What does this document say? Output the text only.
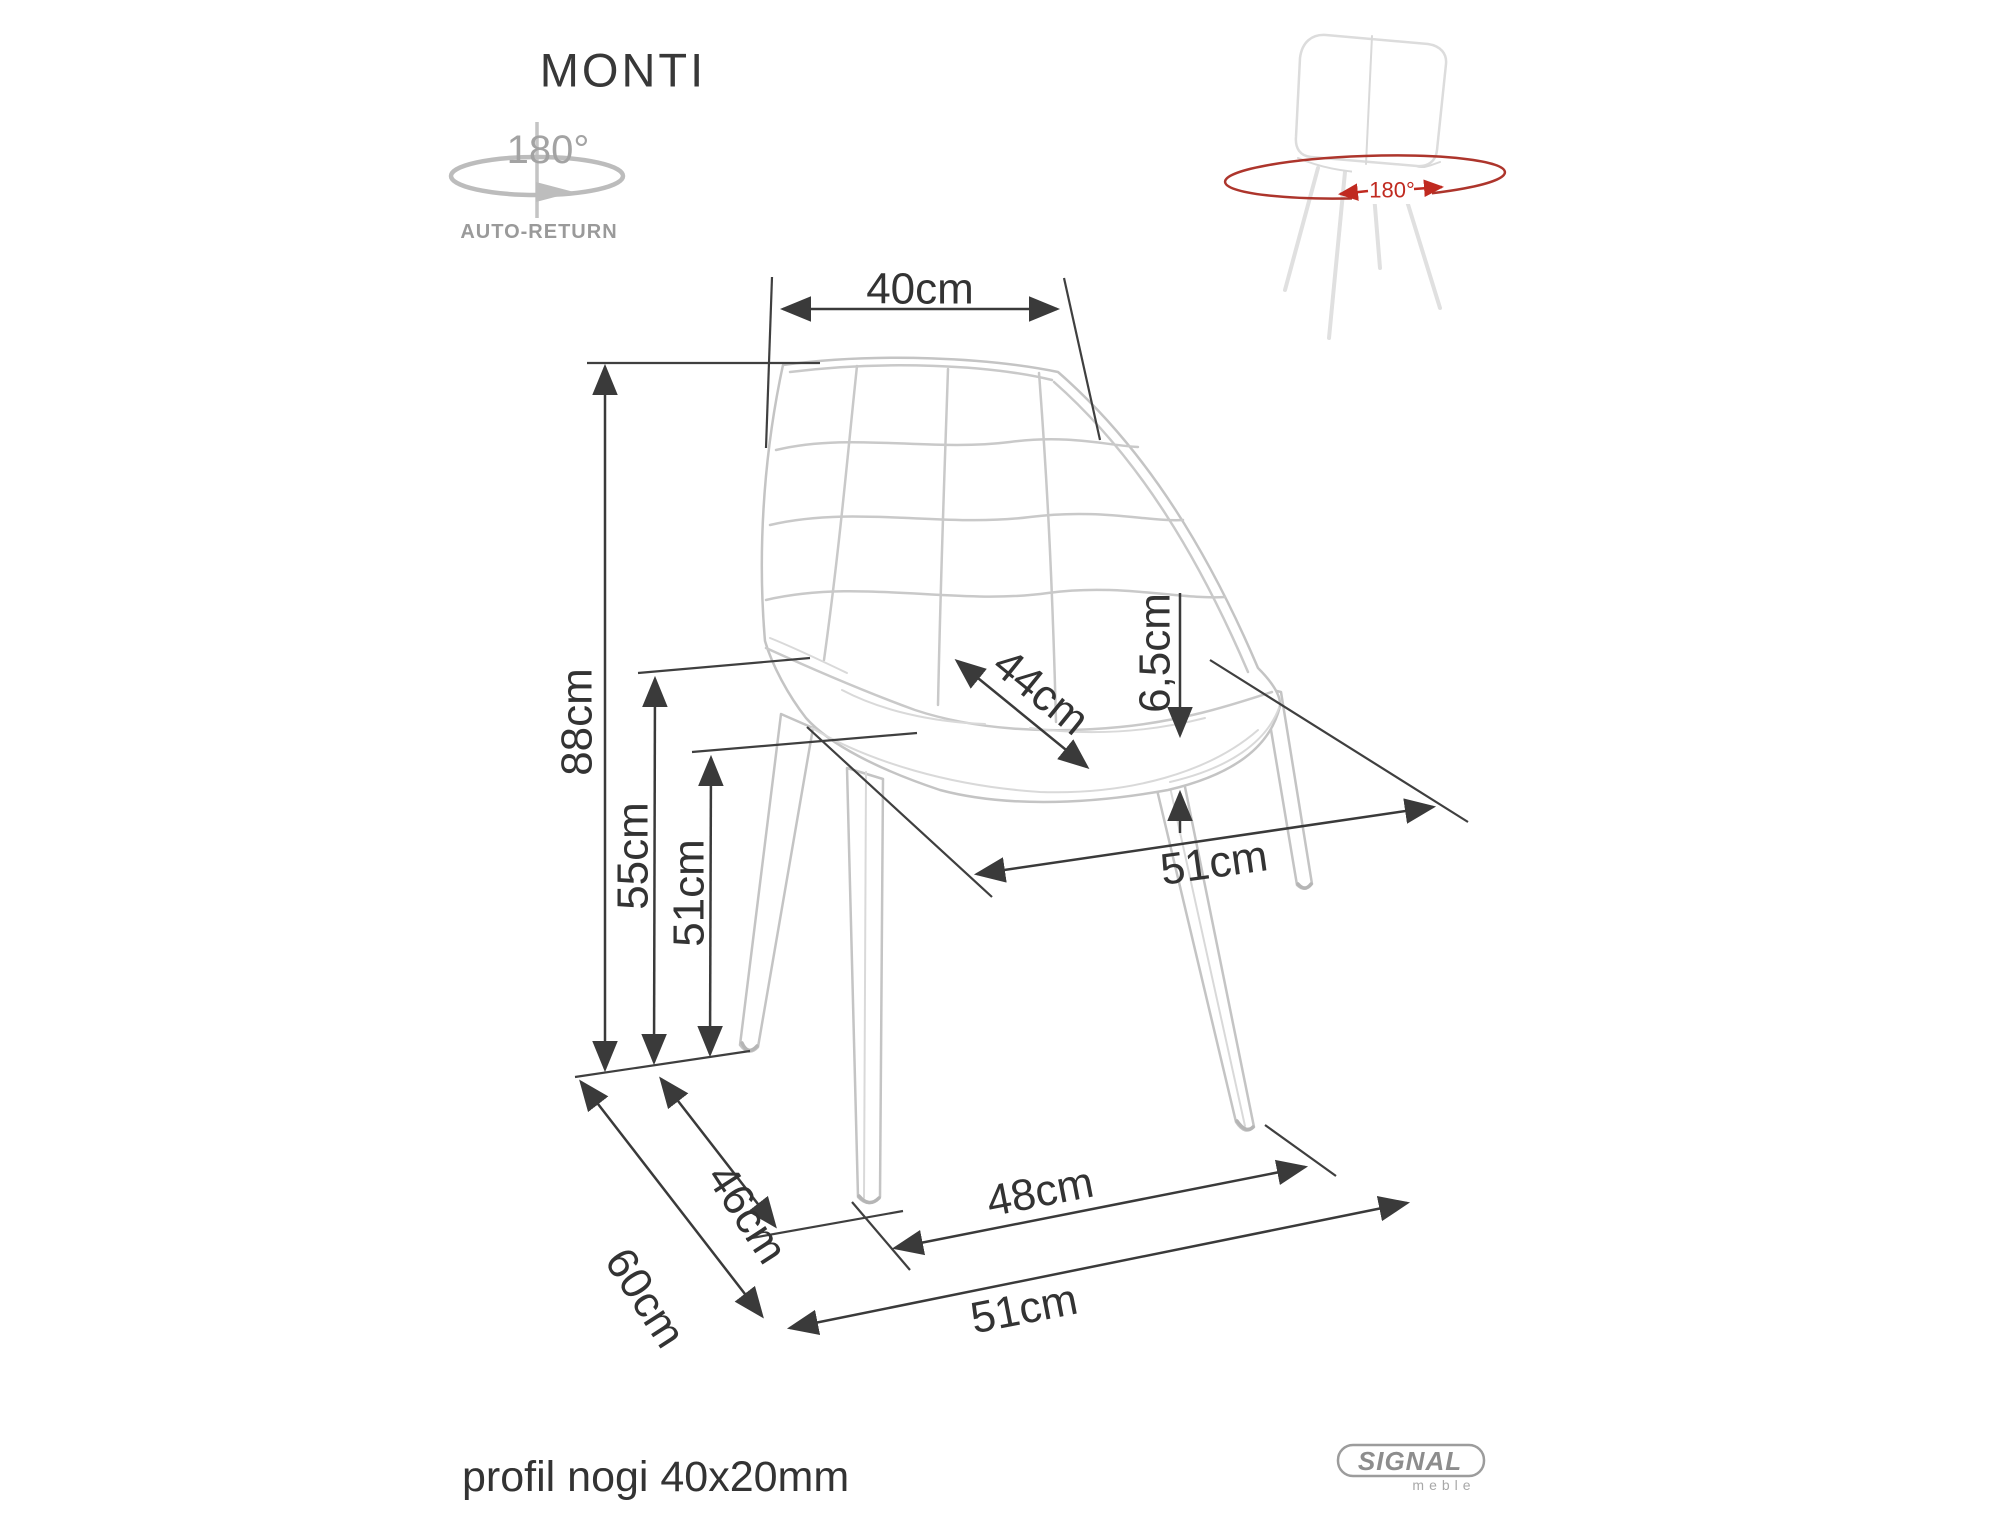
180°
MONTI
180°
AUTO-RETURN
40cm
88cm
55cm 51cm
44cm 6,5cm
51cm
46cm
60cm
48cm
51cm
profil nogi 40x20mm	SIGNAL
meble
